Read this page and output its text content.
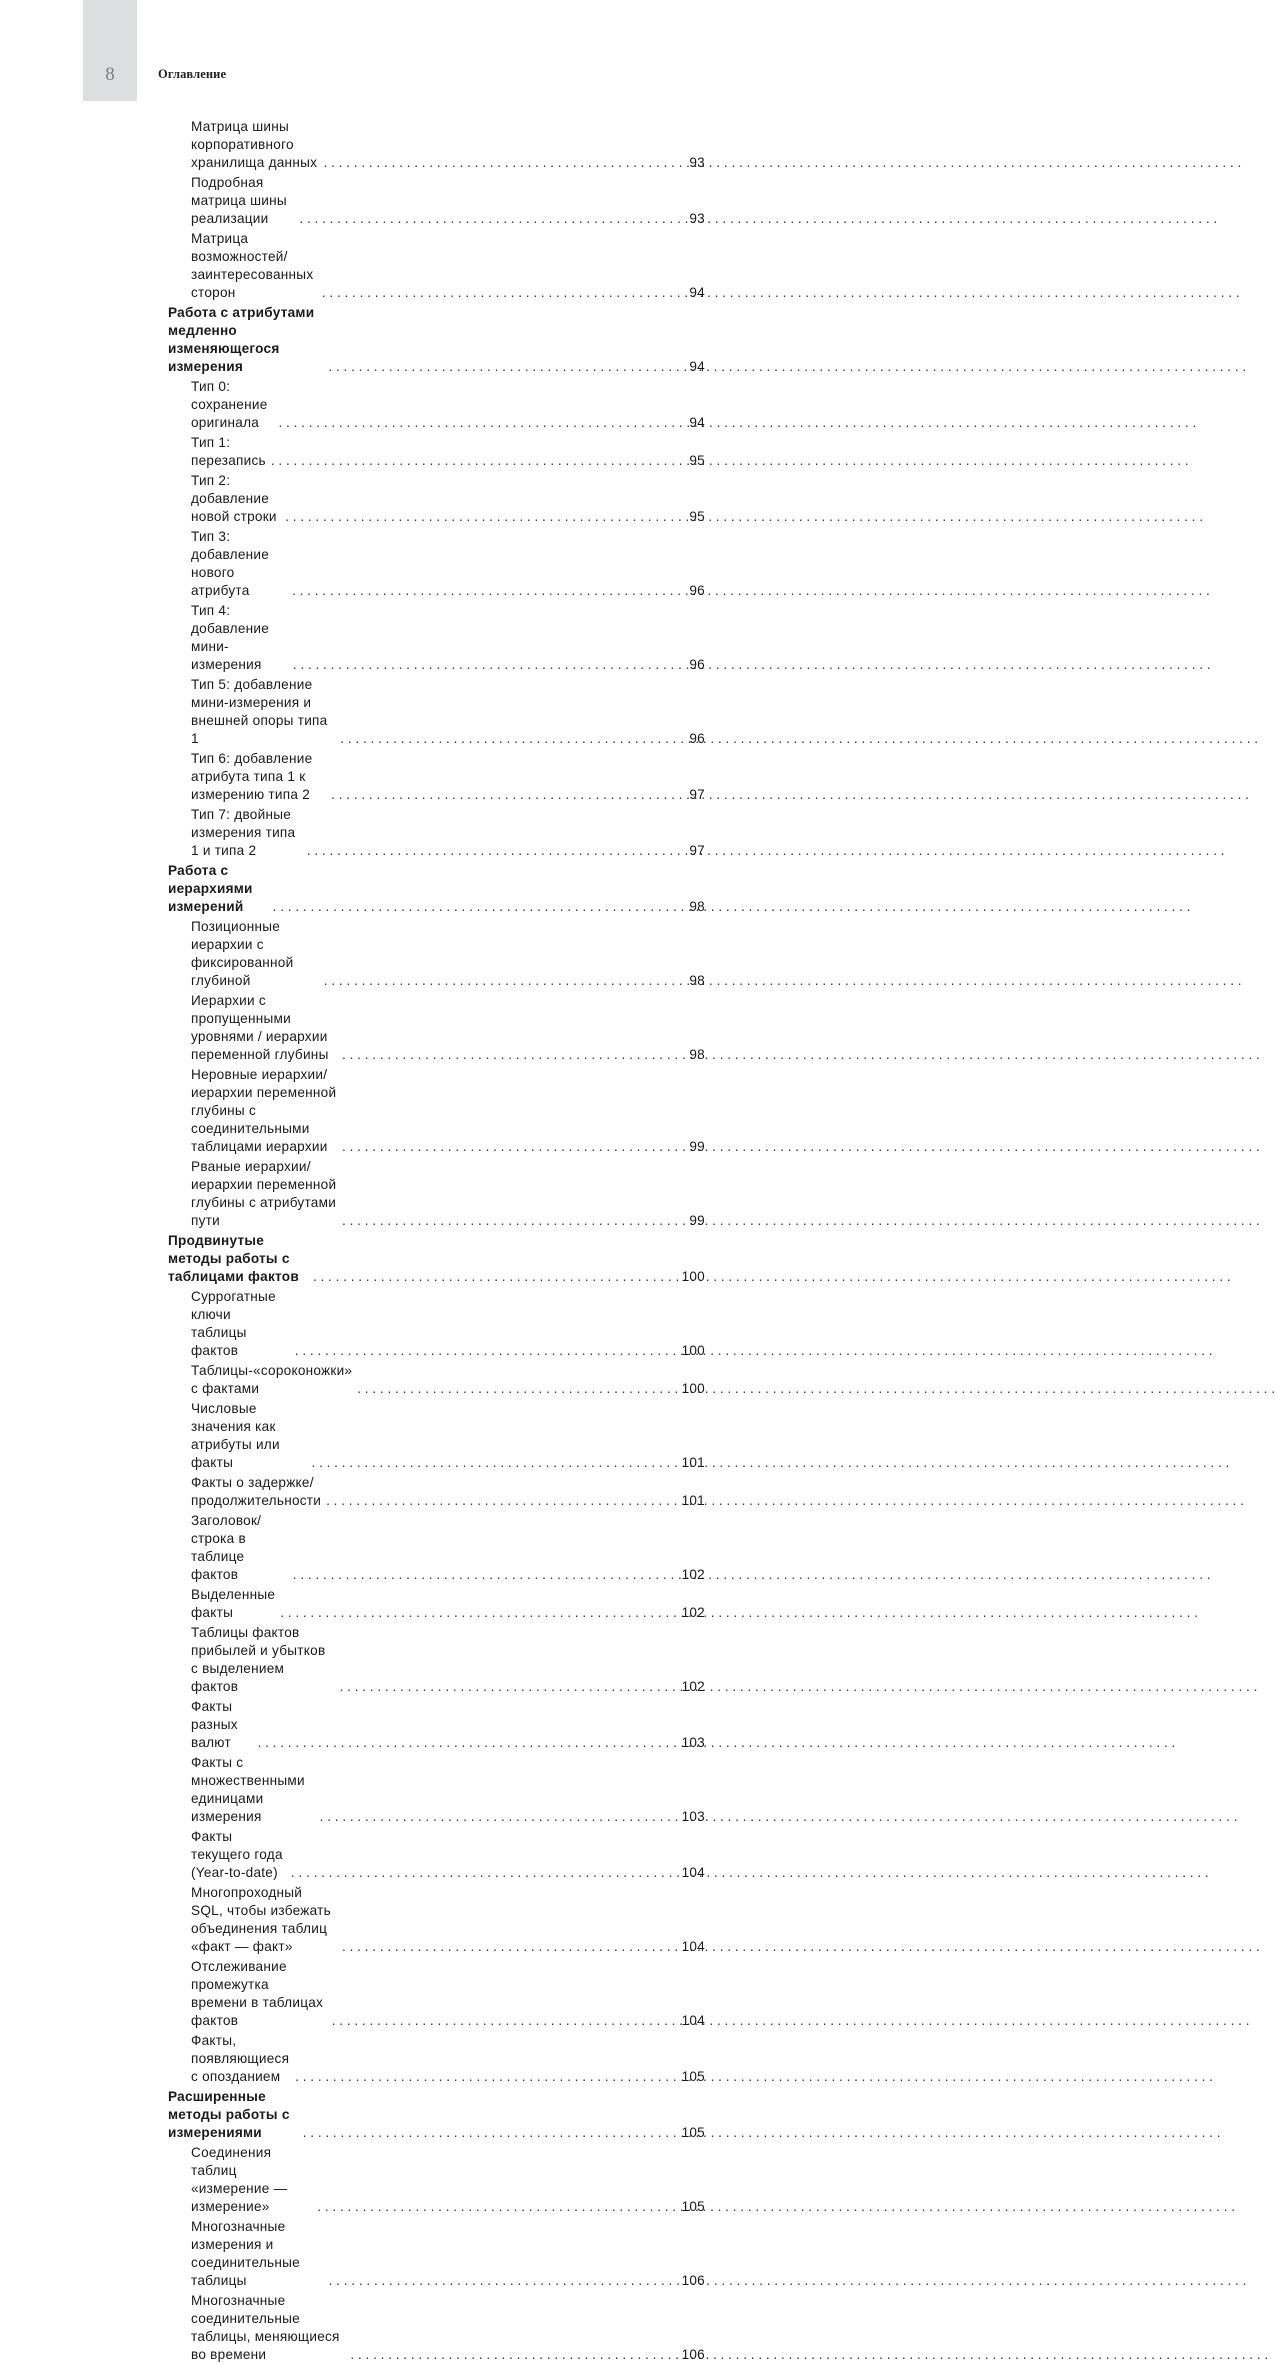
8	Оглавление
Матрица шины корпоративного хранилища данных . . .	93
Подробная матрица шины реализации . . .	93
Матрица возможностей/заинтересованных сторон . . .	94
Работа с атрибутами медленно изменяющегося измерения . . .	94
Тип 0: сохранение оригинала . . .	94
Тип 1: перезапись . . .	95
Тип 2: добавление новой строки . . .	95
Тип 3: добавление нового атрибута . . .	96
Тип 4: добавление мини-измерения . . .	96
Тип 5: добавление мини-измерения и внешней опоры типа 1 . . .	96
Тип 6: добавление атрибута типа 1 к измерению типа 2 . . .	97
Тип 7: двойные измерения типа 1 и типа 2 . . .	97
Работа с иерархиями измерений . . .	98
Позиционные иерархии с фиксированной глубиной . . .	98
Иерархии с пропущенными уровнями / иерархии переменной глубины . . .	98
Неровные иерархии/иерархии переменной глубины с соединительными таблицами иерархии . . .	99
Рваные иерархии/иерархии переменной глубины с атрибутами пути . . .	99
Продвинутые методы работы с таблицами фактов . . .	100
Суррогатные ключи таблицы фактов . . .	100
Таблицы-«сороконожки» с фактами . . .	100
Числовые значения как атрибуты или факты . . .	101
Факты о задержке/продолжительности . . .	101
Заголовок/строка в таблице фактов . . .	102
Выделенные факты . . .	102
Таблицы фактов прибылей и убытков с выделением фактов . . .	102
Факты разных валют . . .	103
Факты с множественными единицами измерения . . .	103
Факты текущего года (Year-to-date) . . .	104
Многопроходный SQL, чтобы избежать объединения таблиц «факт — факт» . . .	104
Отслеживание промежутка времени в таблицах фактов . . .	104
Факты, появляющиеся с опозданием . . .	105
Расширенные методы работы с измерениями . . .	105
Соединения таблиц «измерение — измерение» . . .	105
Многозначные измерения и соединительные таблицы . . .	106
Многозначные соединительные таблицы, меняющиеся во времени . . .	106
